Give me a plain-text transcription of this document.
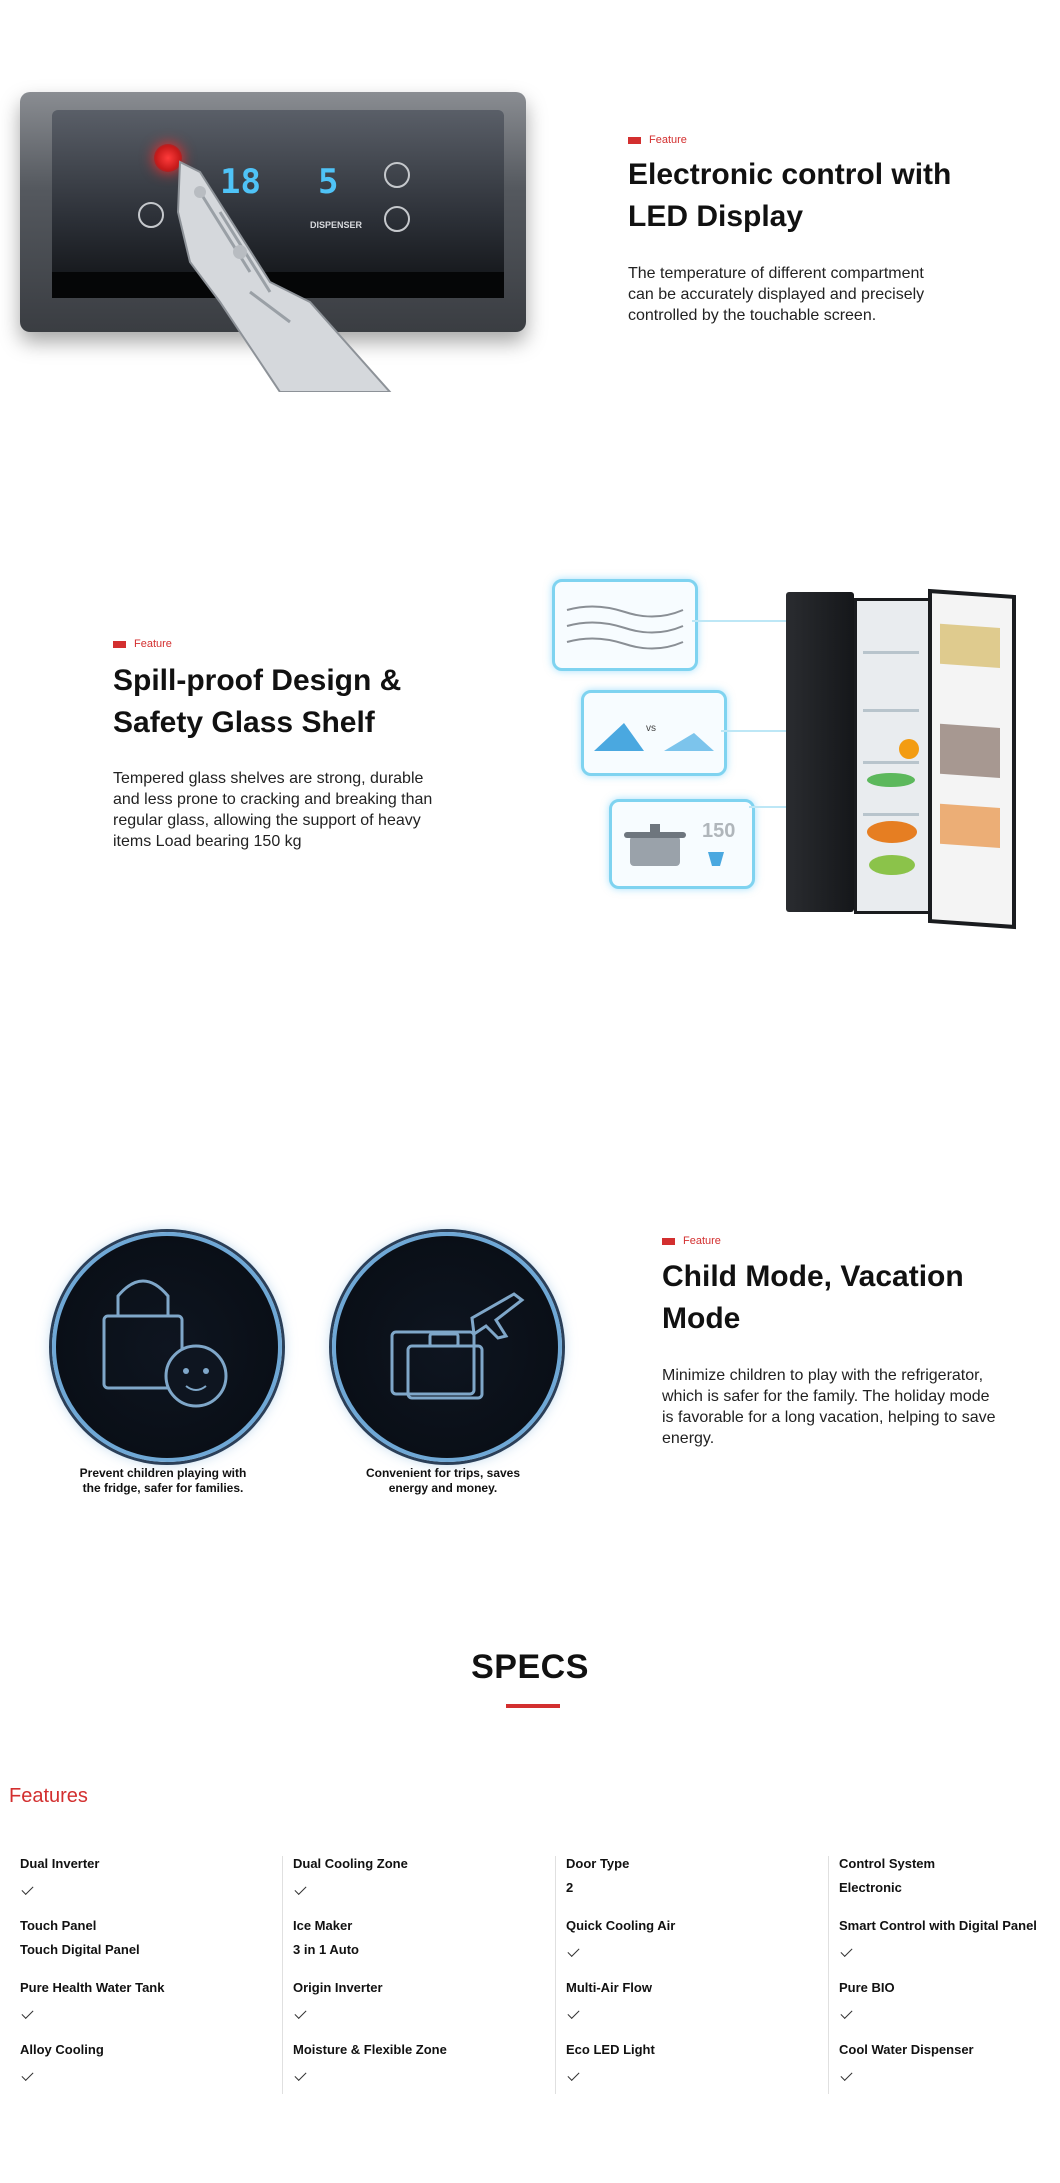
18 5
DISPENSER
Feature
Electronic control with
LED Display

The temperature of different compartment can be accurately displayed and precisely controlled by the touchable screen.

Feature
Spill-proof Design &
Safety Glass Shelf

Tempered glass shelves are strong, durable and less prone to cracking and breaking than regular glass, allowing the support of heavy items Load bearing 150 kg

vs
150
Prevent children playing with
the fridge, safer for families.
Convenient for trips, saves
energy and money.
Feature
Child Mode, Vacation
Mode

Minimize children to play with the refrigerator, which is safer for the family. The holiday mode is favorable for a long vacation, helping to save energy.

SPECS
Features
Dual Inverter
Touch Panel
Touch Digital Panel
Pure Health Water Tank
Alloy Cooling
Dual Cooling Zone
Ice Maker
3 in 1 Auto
Origin Inverter
Moisture & Flexible Zone
Door Type
2
Quick Cooling Air
Multi-Air Flow
Eco LED Light
Control System
Electronic
Smart Control with Digital Panel
Pure BIO
Cool Water Dispenser
